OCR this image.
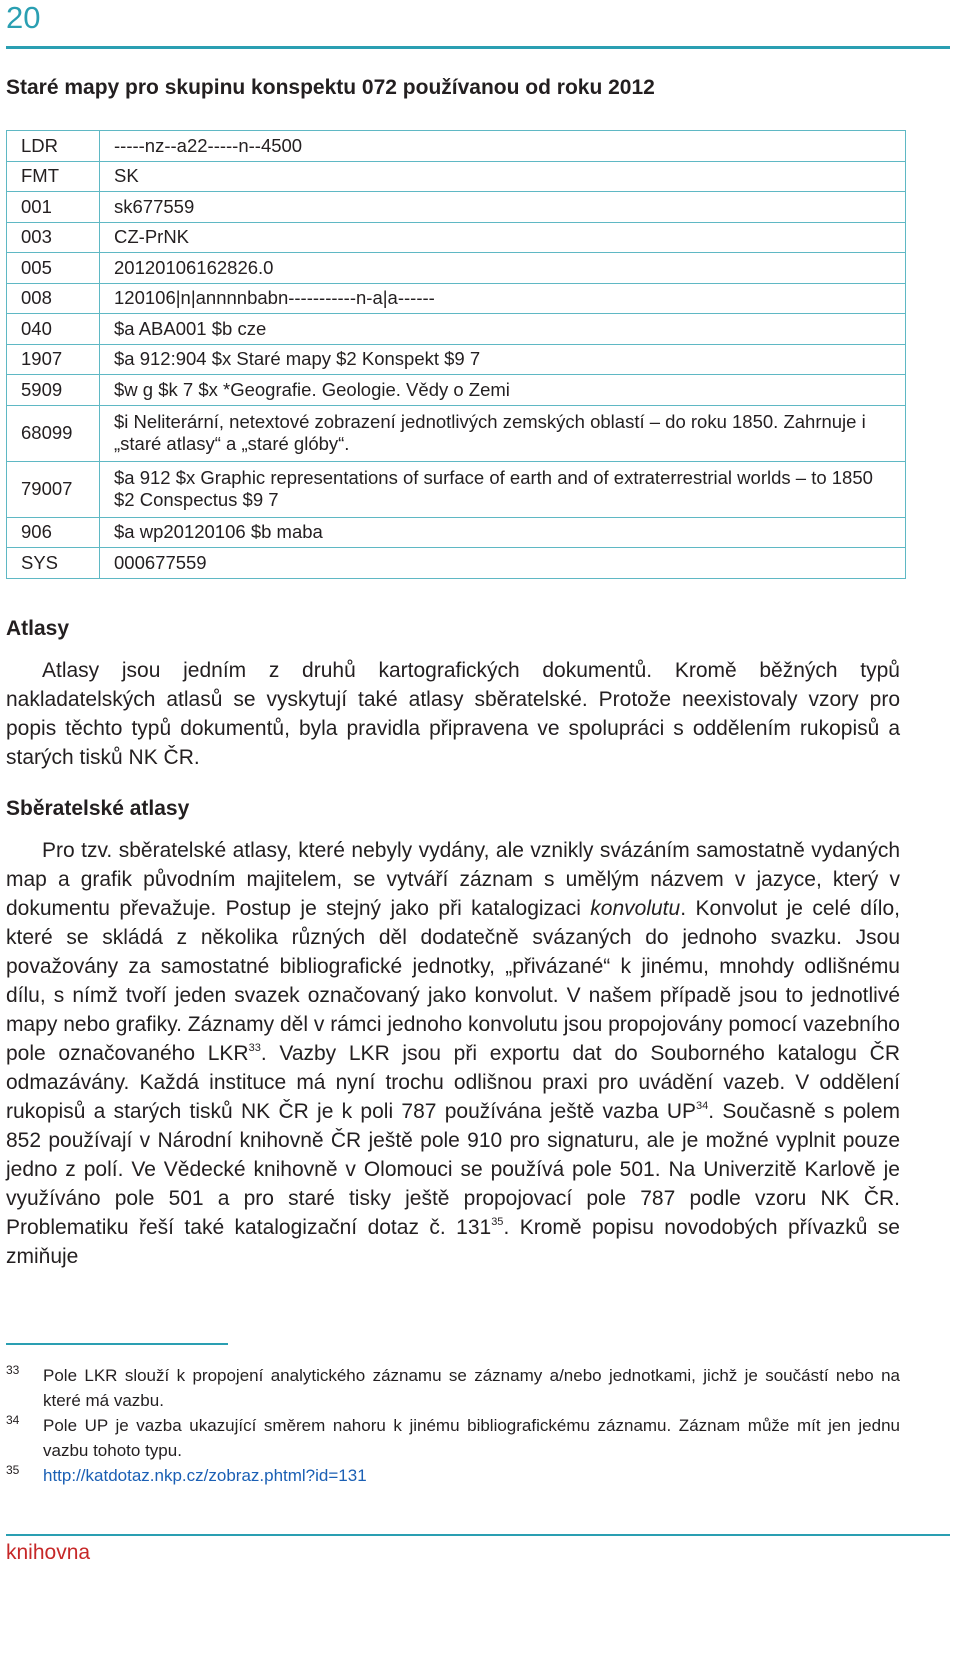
20
Staré mapy pro skupinu konspektu 072 používanou od roku 2012
LDR	-----nz--a22-----n--4500
FMT	SK
001	sk677559
003	CZ-PrNK
005	20120106162826.0
008	120106|n|annnnbabn-----------n-a|a------
040	$a ABA001 $b cze
1907	$a 912:904 $x Staré mapy $2 Konspekt $9 7
5909	$w g $k 7 $x *Geografie. Geologie. Vědy o Zemi
68099	$i Neliterární, netextové zobrazení jednotlivých zemských oblastí – do roku 1850. Zahrnuje i „staré atlasy“ a „staré glóby“.
79007	$a 912 $x Graphic representations of surface of earth and of extraterrestrial worlds – to 1850 $2 Conspectus $9 7
906	$a wp20120106 $b maba
SYS	000677559
Atlasy
Atlasy jsou jedním z druhů kartografických dokumentů. Kromě běžných typů nakladatelských atlasů se vyskytují také atlasy sběratelské. Protože neexistovaly vzory pro popis těchto typů dokumentů, byla pravidla připravena ve spolupráci s oddělením rukopisů a starých tisků NK ČR.
Sběratelské atlasy
Pro tzv. sběratelské atlasy, které nebyly vydány, ale vznikly svázáním samostatně vydaných map a grafik původním majitelem, se vytváří záznam s umělým názvem v jazyce, který v dokumentu převažuje. Postup je stejný jako při katalogizaci konvolutu. Konvolut je celé dílo, které se skládá z několika různých děl dodatečně svázaných do jednoho svazku. Jsou považovány za samostatné bibliografické jednotky, „přivázané“ k jinému, mnohdy odlišnému dílu, s nímž tvoří jeden svazek označovaný jako konvolut. V našem případě jsou to jednotlivé mapy nebo grafiky. Záznamy děl v rámci jednoho konvolutu jsou propojovány pomocí vazebního pole označovaného LKR$^{33}$. Vazby LKR jsou při exportu dat do Souborného katalogu ČR odmazávány. Každá instituce má nyní trochu odlišnou praxi pro uvádění vazeb. V oddělení rukopisů a starých tisků NK ČR je k poli 787 používána ještě vazba UP$^{34}$. Současně s polem 852 používají v Národní knihovně ČR ještě pole 910 pro signaturu, ale je možné vyplnit pouze jedno z polí. Ve Vědecké knihovně v Olomouci se používá pole 501. Na Univerzitě Karlově je využíváno pole 501 a pro staré tisky ještě propojovací pole 787 podle vzoru NK ČR. Problematiku řeší také katalogizační dotaz č. $131^{35}$. Kromě popisu novodobých přívazků se zmiňuje
33 Pole LKR slouží k propojení analytického záznamu se záznamy a/nebo jednotkami, jichž je součástí nebo na které má vazbu.
34 Pole UP je vazba ukazující směrem nahoru k jinému bibliografickému záznamu. Záznam může mít jen jednu vazbu tohoto typu.
35 http://katdotaz.nkp.cz/zobraz.phtml?id=131
knihovna
